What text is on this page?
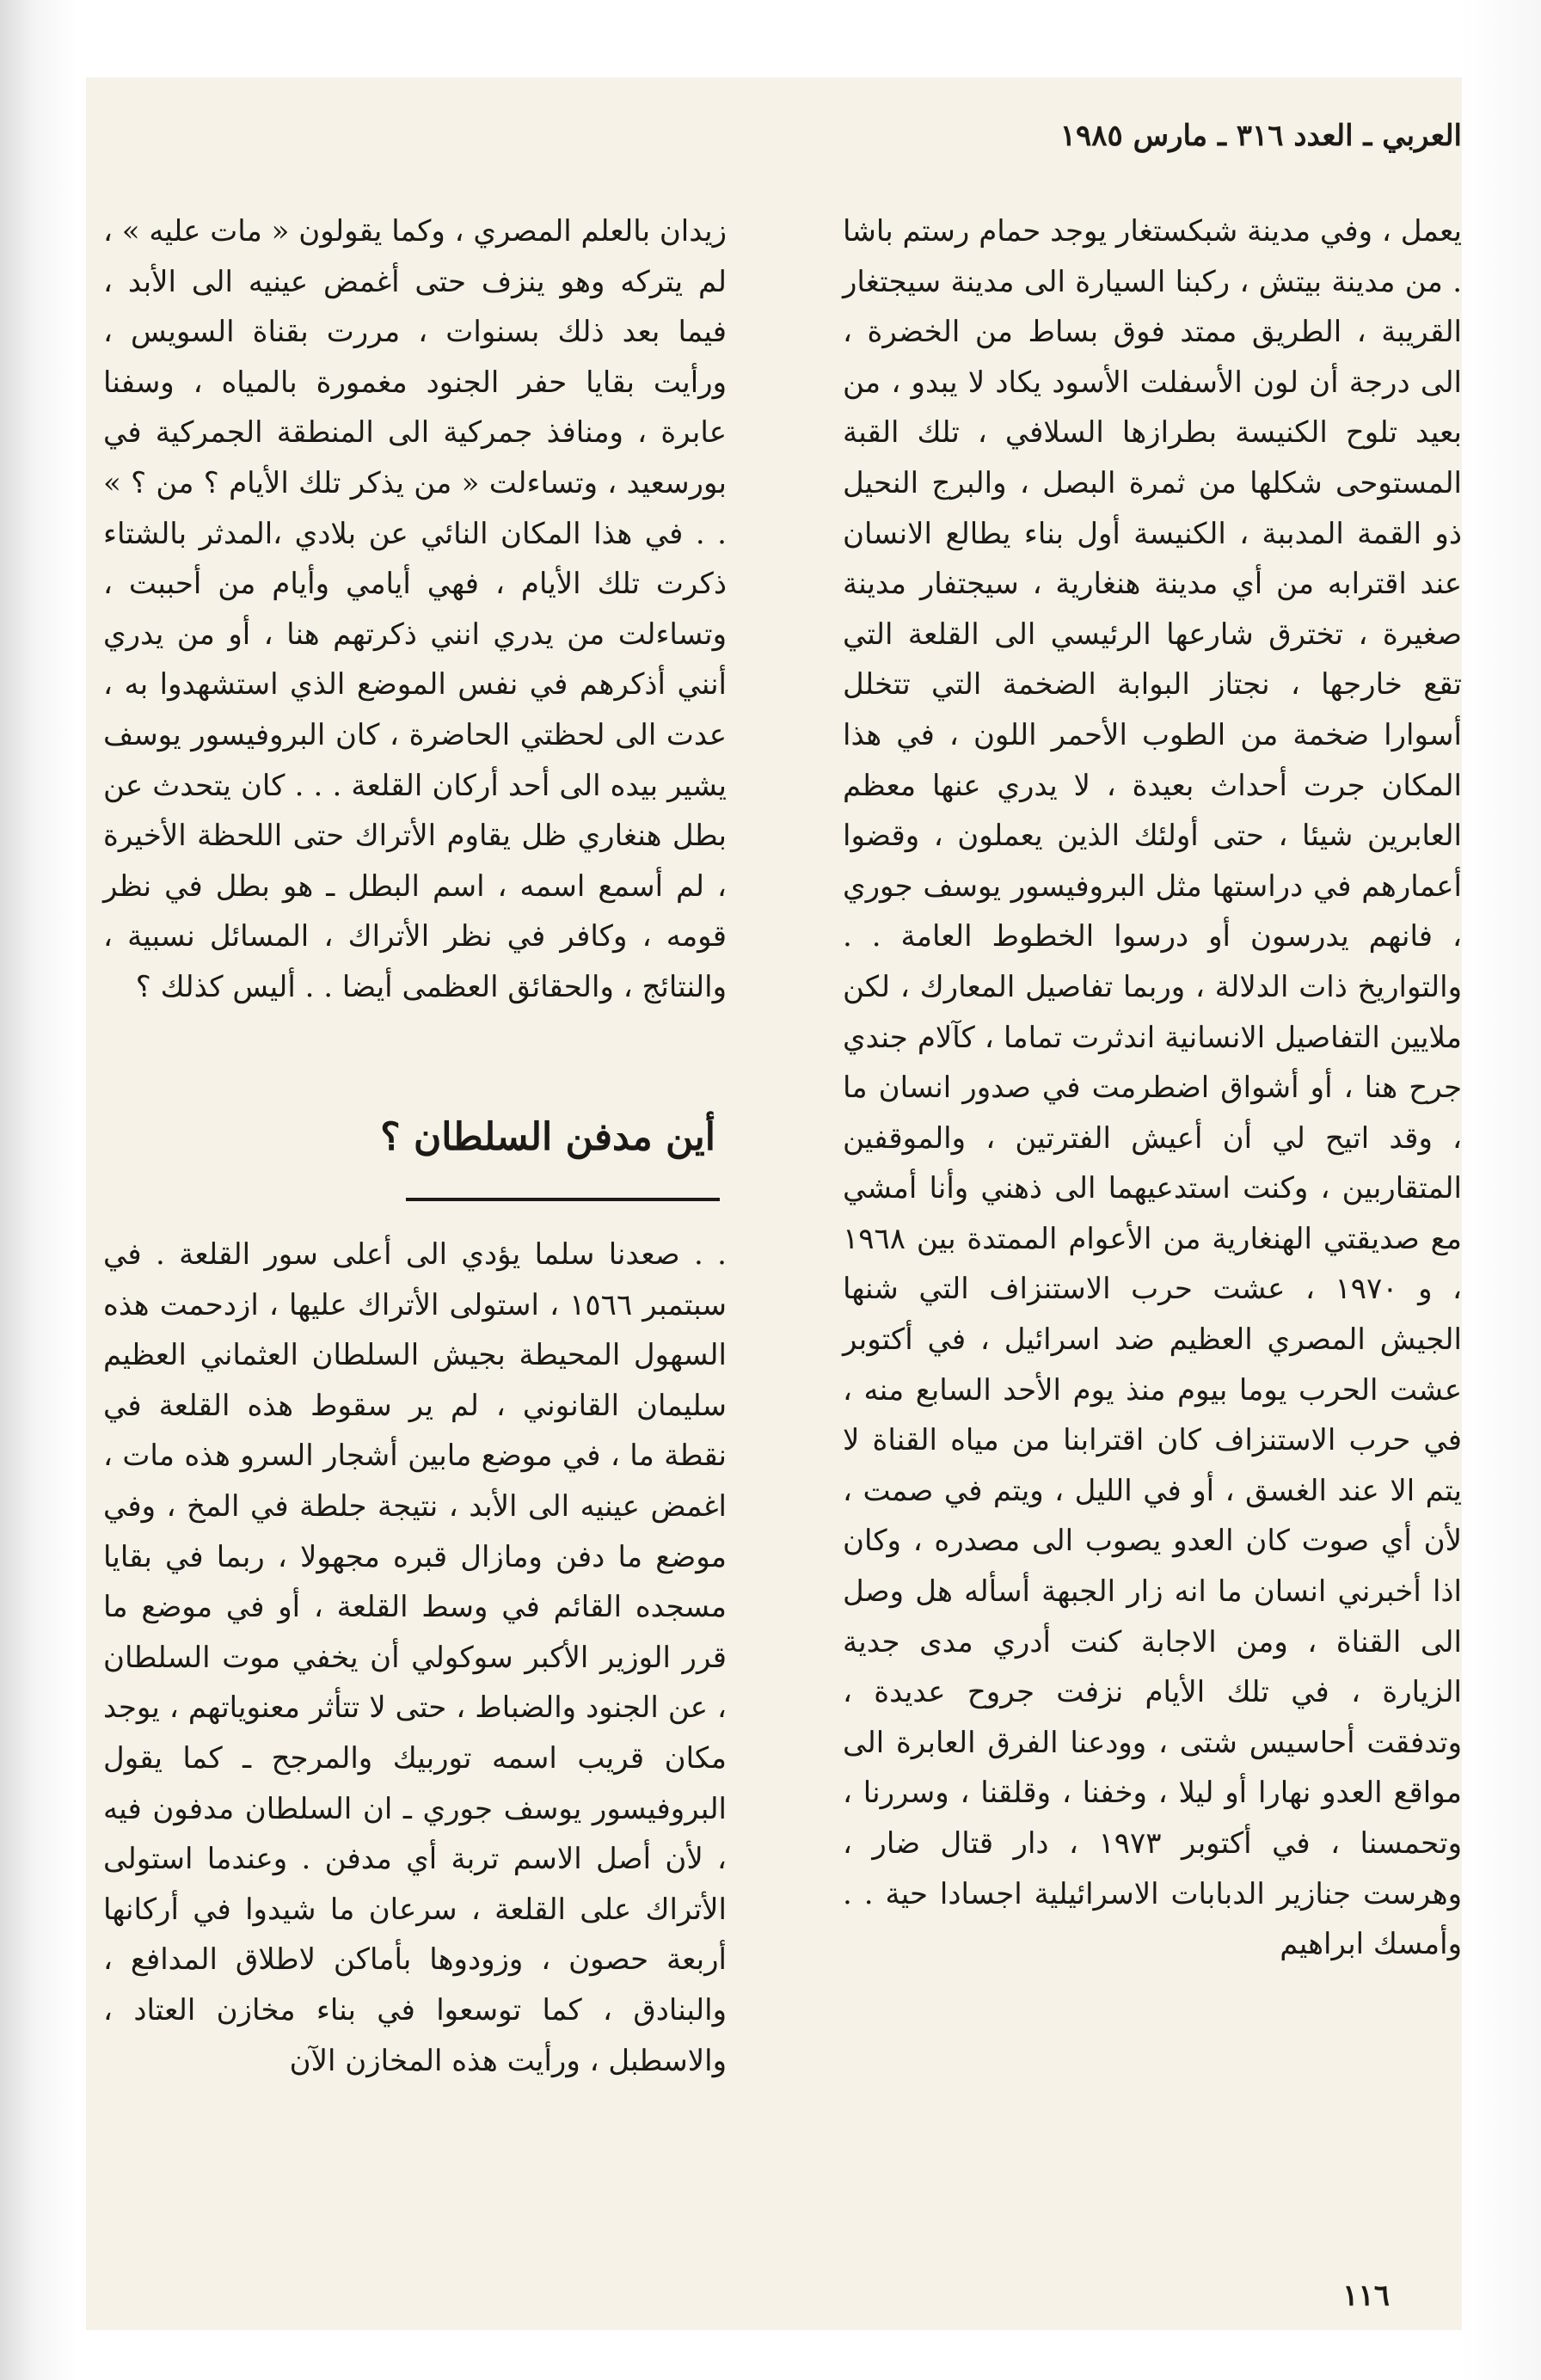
العربي ـ العدد ٣١٦ ـ مارس ١٩٨٥

يعمل ، وفي مدينة شبكستغار يوجد حمام رستم باشا . من مدينة بيتش ، ركبنا السيارة الى مدينة سيجتغار القريبة ، الطريق ممتد فوق بساط من الخضرة ، الى درجة أن لون الأسفلت الأسود يكاد لا يبدو ، من بعيد تلوح الكنيسة بطرازها السلافي ، تلك القبة المستوحى شكلها من ثمرة البصل ، والبرج النحيل ذو القمة المدببة ، الكنيسة أول بناء يطالع الانسان عند اقترابه من أي مدينة هنغارية ، سيجتفار مدينة صغيرة ، تخترق شارعها الرئيسي الى القلعة التي تقع خارجها ، نجتاز البوابة الضخمة التي تتخلل أسوارا ضخمة من الطوب الأحمر اللون ، في هذا المكان جرت أحداث بعيدة ، لا يدري عنها معظم العابرين شيئا ، حتى أولئك الذين يعملون ، وقضوا أعمارهم في دراستها مثل البروفيسور يوسف جوري ، فانهم يدرسون أو درسوا الخطوط العامة . . والتواريخ ذات الدلالة ، وربما تفاصيل المعارك ، لكن ملايين التفاصيل الانسانية اندثرت تماما ، كآلام جندي جرح هنا ، أو أشواق اضطرمت في صدور انسان ما ، وقد اتيح لي أن أعيش الفترتين ، والموقفين المتقاربين ، وكنت استدعيهما الى ذهني وأنا أمشي مع صديقتي الهنغارية من الأعوام الممتدة بين ١٩٦٨ ، و ١٩٧٠ ، عشت حرب الاستنزاف التي شنها الجيش المصري العظيم ضد اسرائيل ، في أكتوبر عشت الحرب يوما بيوم منذ يوم الأحد السابع منه ، في حرب الاستنزاف كان اقترابنا من مياه القناة لا يتم الا عند الغسق ، أو في الليل ، ويتم في صمت ، لأن أي صوت كان العدو يصوب الى مصدره ، وكان اذا أخبرني انسان ما انه زار الجبهة أسأله هل وصل الى القناة ، ومن الاجابة كنت أدري مدى جدية الزيارة ، في تلك الأيام نزفت جروح عديدة ، وتدفقت أحاسيس شتى ، وودعنا الفرق العابرة الى مواقع العدو نهارا أو ليلا ، وخفنا ، وقلقنا ، وسررنا ، وتحمسنا ، في أكتوبر ١٩٧٣ ، دار قتال ضار ، وهرست جنازير الدبابات الاسرائيلية اجسادا حية . . وأمسك ابراهيم

زيدان بالعلم المصري ، وكما يقولون « مات عليه » ، لم يتركه وهو ينزف حتى أغمض عينيه الى الأبد ، فيما بعد ذلك بسنوات ، مررت بقناة السويس ، ورأيت بقايا حفر الجنود مغمورة بالمياه ، وسفنا عابرة ، ومنافذ جمركية الى المنطقة الجمركية في بورسعيد ، وتساءلت « من يذكر تلك الأيام ؟ من ؟ » . . في هذا المكان النائي عن بلادي ،المدثر بالشتاء ذكرت تلك الأيام ، فهي أيامي وأيام من أحببت ، وتساءلت من يدري انني ذكرتهم هنا ، أو من يدري أنني أذكرهم في نفس الموضع الذي استشهدوا به ، عدت الى لحظتي الحاضرة ، كان البروفيسور يوسف يشير بيده الى أحد أركان القلعة . . . كان يتحدث عن بطل هنغاري ظل يقاوم الأتراك حتى اللحظة الأخيرة ، لم أسمع اسمه ، اسم البطل ـ هو بطل في نظر قومه ، وكافر في نظر الأتراك ، المسائل نسبية ، والنتائج ، والحقائق العظمى أيضا . . أليس كذلك ؟

أين مدفن السلطان ؟

. . صعدنا سلما يؤدي الى أعلى سور القلعة . في سبتمبر ١٥٦٦ ، استولى الأتراك عليها ، ازدحمت هذه السهول المحيطة بجيش السلطان العثماني العظيم سليمان القانوني ، لم ير سقوط هذه القلعة في نقطة ما ، في موضع مابين أشجار السرو هذه مات ، اغمض عينيه الى الأبد ، نتيجة جلطة في المخ ، وفي موضع ما دفن ومازال قبره مجهولا ، ربما في بقايا مسجده القائم في وسط القلعة ، أو في موضع ما قرر الوزير الأكبر سوكولي أن يخفي موت السلطان ، عن الجنود والضباط ، حتى لا تتأثر معنوياتهم ، يوجد مكان قريب اسمه توربيك والمرجح ـ كما يقول البروفيسور يوسف جوري ـ ان السلطان مدفون فيه ، لأن أصل الاسم تربة أي مدفن . وعندما استولى الأتراك على القلعة ، سرعان ما شيدوا في أركانها أربعة حصون ، وزودوها بأماكن لاطلاق المدافع ، والبنادق ، كما توسعوا في بناء مخازن العتاد ، والاسطبل ، ورأيت هذه المخازن الآن

١١٦
